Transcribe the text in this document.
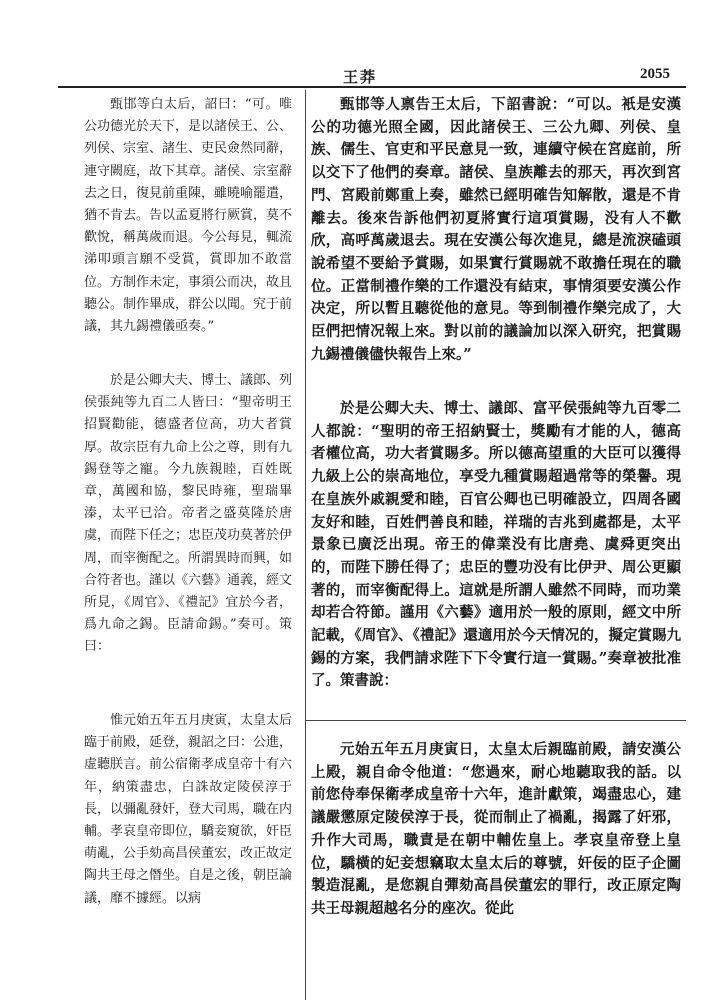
王莽	2055

甄邯等白太后，詔曰：“可。唯公功德光於天下，是以諸侯王、公、列侯、宗室、諸生、吏民僉然同辭，連守闕庭，故下其章。諸侯、宗室辭去之日，復見前重陳，雖曉喻罷遣，猶不肯去。告以孟夏將行厥賞，莫不歡悅，稱萬歲而退。今公每見，輒流涕叩頭言願不受賞，賞即加不敢當位。方制作未定，事須公而决，故且聽公。制作畢成，群公以聞。究于前議，其九錫禮儀亟奏。”

於是公卿大夫、博士、議郎、列侯張純等九百二人皆曰：“聖帝明王招賢勸能，德盛者位高，功大者賞厚。故宗臣有九命上公之尊，則有九錫登等之寵。今九族親睦，百姓既章，萬國和協，黎民時雍，聖瑞畢溱，太平已洽。帝者之盛莫隆於唐虞，而陛下任之；忠臣茂功莫著於伊周，而宰衡配之。所謂異時而興，如合符者也。謹以《六藝》通義，經文所見，《周官》、《禮記》宜於今者，爲九命之錫。臣請命錫。”奏可。策曰：

惟元始五年五月庚寅，太皇太后臨于前殿，延登，親詔之曰：公進，虚聽朕言。前公宿衛孝成皇帝十有六年，納策盡忠，白誅故定陵侯淳于長，以彌亂發奸，登大司馬，職在内輔。孝哀皇帝即位，驕妾窺欲，奸臣萌亂，公手劾高昌侯董宏，改正故定陶共王母之僭坐。自是之後，朝臣論議，靡不據經。以病

甄邯等人禀告王太后，下詔書說：“可以。衹是安漢公的功德光照全國，因此諸侯王、三公九卿、列侯、皇族、儒生、官吏和平民意見一致，連續守候在宮庭前，所以交下了他們的奏章。諸侯、皇族離去的那天，再次到宮門、宮殿前鄭重上奏，雖然已經明確告知解散，還是不肯離去。後來告訴他們初夏將實行這項賞賜，没有人不歡欣，高呼萬歲退去。現在安漢公每次進見，總是流淚磕頭說希望不要給予賞賜，如果實行賞賜就不敢擔任現在的職位。正當制禮作樂的工作還没有結束，事情須要安漢公作决定，所以暫且聽從他的意見。等到制禮作樂完成了，大臣們把情况報上來。對以前的議論加以深入研究，把賞賜九錫禮儀儘快報告上來。”

於是公卿大夫、博士、議郎、富平侯張純等九百零二人都說：“聖明的帝王招納賢士，獎勵有才能的人，德高者權位高，功大者賞賜多。所以德高望重的大臣可以獲得九級上公的崇高地位，享受九種賞賜超過常等的榮譽。現在皇族外戚親愛和睦，百官公卿也已明確設立，四周各國友好和睦，百姓們善良和睦，祥瑞的吉兆到處都是，太平景象已廣泛出現。帝王的偉業没有比唐堯、虞舜更突出的，而陛下勝任得了；忠臣的豐功没有比伊尹、周公更顯著的，而宰衡配得上。這就是所謂人雖然不同時，而功業却若合符節。謹用《六藝》適用於一般的原則，經文中所記載，《周官》、《禮記》還適用於今天情况的，擬定賞賜九錫的方案，我們請求陛下下令實行這一賞賜。”奏章被批准了。策書說：

元始五年五月庚寅日，太皇太后親臨前殿，請安漢公上殿，親自命令他道：“您過來，耐心地聽取我的話。以前您侍奉保衛孝成皇帝十六年，進計獻策，竭盡忠心，建議嚴懲原定陵侯淳于長，從而制止了禍亂，揭露了奸邪，升作大司馬，職責是在朝中輔佐皇上。孝哀皇帝登上皇位，驕橫的妃妾想竊取太皇太后的尊號，奸佞的臣子企圖製造混亂，是您親自彈劾高昌侯董宏的罪行，改正原定陶共王母親超越名分的座次。從此
